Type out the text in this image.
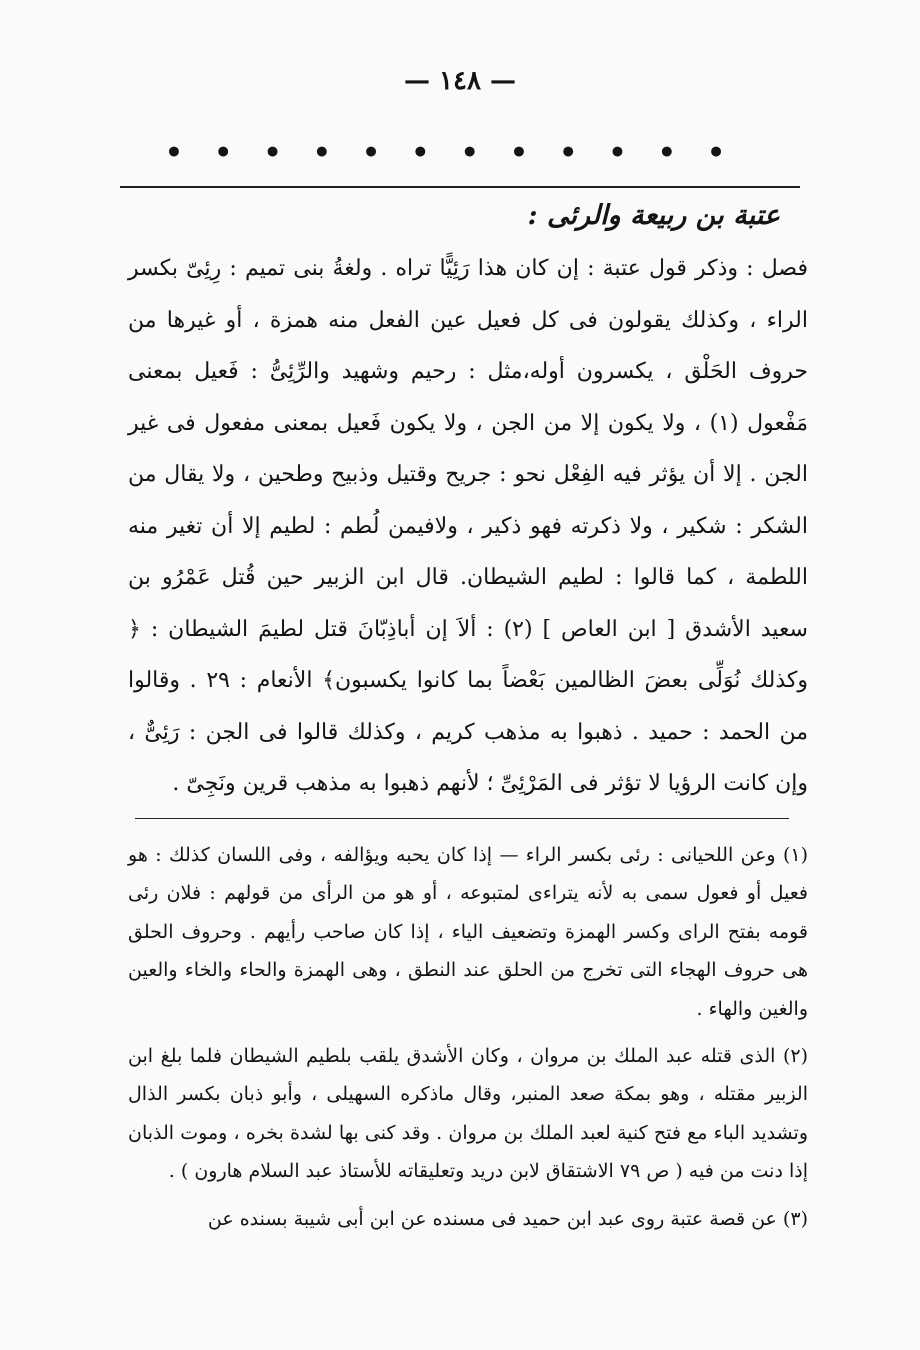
— ١٤٨ —
• • • • • • • • • • • •
عتبة بن ربيعة والرئى :

فصل : وذكر قول عتبة : إن كان هذا رَئِيًّا تراه . ولغةُ بنى تميم : رِئِىّ بكسر الراء ، وكذلك يقولون فى كل فعيل عين الفعل منه همزة ، أو غيرها من حروف الحَلْق ، يكسرون أوله،مثل : رحيم وشهيد والرِّئِىُّ : فَعيل بمعنى مَفْعول (١) ، ولا يكون إلا من الجن ، ولا يكون فَعيل بمعنى مفعول فى غير الجن . إلا أن يؤثر فيه الفِعْل نحو : جريح وقتيل وذبيح وطحين ، ولا يقال من الشكر : شكير ، ولا ذكرته فهو ذكير ، ولافيمن لُطم : لطيم إلا أن تغير منه اللطمة ، كما قالوا : لطيم الشيطان. قال ابن الزبير حين قُتل عَمْرُو بن سعيد الأشدق [ ابن العاص ] (٢) : ألاَ إن أباذِبّانَ قتل لطيمَ الشيطان : ﴿ وكذلك نُوَلِّى بعضَ الظالمين بَعْضاً بما كانوا يكسبون﴾ الأنعام : ٢٩ . وقالوا من الحمد : حميد . ذهبوا به مذهب كريم ، وكذلك قالوا فى الجن : رَئِىٌّ ، وإن كانت الرؤيا لا تؤثر فى المَرْئِىِّ ؛ لأنهم ذهبوا به مذهب قرين ونَجِىّ .

(١) وعن اللحيانى : رئى بكسر الراء — إذا كان يحبه ويؤالفه ، وفى اللسان كذلك : هو فعيل أو فعول سمى به لأنه يتراءى لمتبوعه ، أو هو من الرأى من قولهم : فلان رئى قومه بفتح الراى وكسر الهمزة وتضعيف الياء ، إذا كان صاحب رأيهم . وحروف الحلق هى حروف الهجاء التى تخرج من الحلق عند النطق ، وهى الهمزة والحاء والخاء والعين والغين والهاء .

(٢) الذى قتله عبد الملك بن مروان ، وكان الأشدق يلقب بلطيم الشيطان فلما بلغ ابن الزبير مقتله ، وهو بمكة صعد المنبر، وقال ماذكره السهيلى ، وأبو ذبان بكسر الذال وتشديد الباء مع فتح كنية لعبد الملك بن مروان . وقد كنى بها لشدة بخره ، وموت الذبان إذا دنت من فيه ( ص ٧٩ الاشتقاق لابن دريد وتعليقاته للأستاذ عبد السلام هارون ) .

(٣) عن قصة عتبة روى عبد ابن حميد فى مسنده عن ابن أبى شيبة بسنده عن
